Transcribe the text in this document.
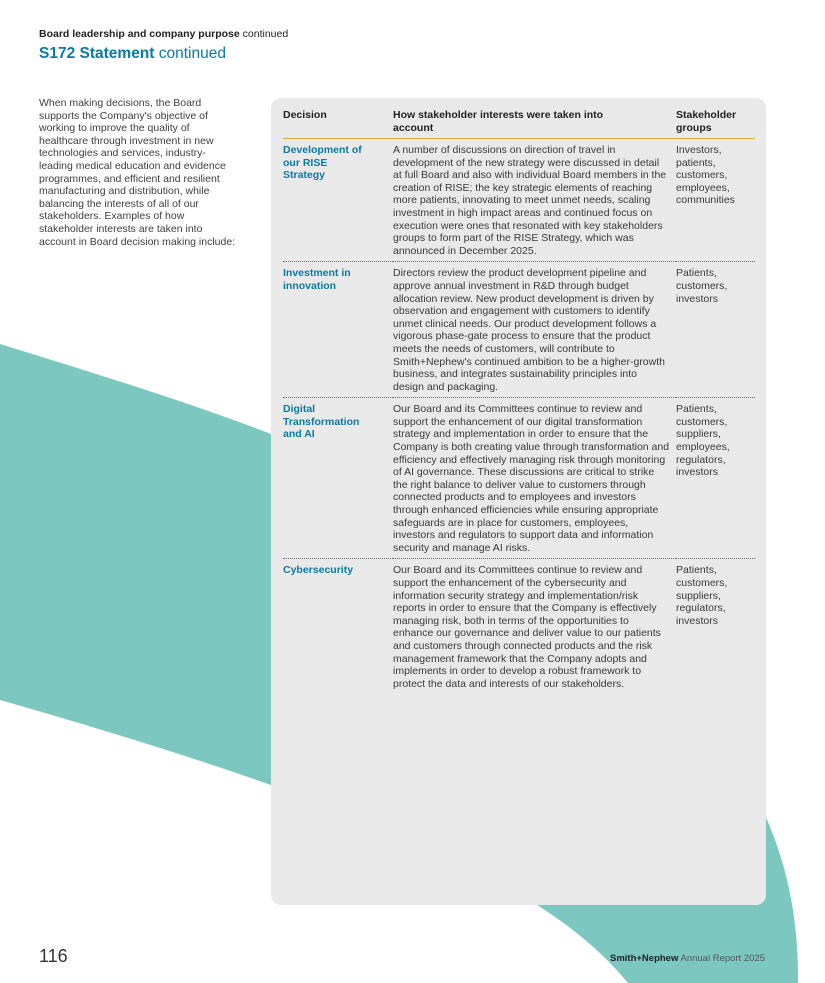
Board leadership and company purpose continued
S172 Statement continued
When making decisions, the Board supports the Company's objective of working to improve the quality of healthcare through investment in new technologies and services, industry-leading medical education and evidence programmes, and efficient and resilient manufacturing and distribution, while balancing the interests of all of our stakeholders. Examples of how stakeholder interests are taken into account in Board decision making include:
Decision	How stakeholder interests were taken into account	Stakeholder groups

Development of our RISE Strategy	A number of discussions on direction of travel in development of the new strategy were discussed in detail at full Board and also with individual Board members in the creation of RISE; the key strategic elements of reaching more patients, innovating to meet unmet needs, scaling investment in high impact areas and continued focus on execution were ones that resonated with key stakeholders groups to form part of the RISE Strategy, which was announced in December 2025.	Investors, patients, customers, employees, communities

Investment in innovation	Directors review the product development pipeline and approve annual investment in R&D through budget allocation review. New product development is driven by observation and engagement with customers to identify unmet clinical needs. Our product development follows a vigorous phase-gate process to ensure that the product meets the needs of customers, will contribute to Smith+Nephew's continued ambition to be a higher-growth business, and integrates sustainability principles into design and packaging.	Patients, customers, investors

Digital Transformation and AI	Our Board and its Committees continue to review and support the enhancement of our digital transformation strategy and implementation in order to ensure that the Company is both creating value through transformation and efficiency and effectively managing risk through monitoring of AI governance. These discussions are critical to strike the right balance to deliver value to customers through connected products and to employees and investors through enhanced efficiencies while ensuring appropriate safeguards are in place for customers, employees, investors and regulators to support data and information security and manage AI risks.	Patients, customers, suppliers, employees, regulators, investors

Cybersecurity	Our Board and its Committees continue to review and support the enhancement of the cybersecurity and information security strategy and implementation/risk reports in order to ensure that the Company is effectively managing risk, both in terms of the opportunities to enhance our governance and deliver value to our patients and customers through connected products and the risk management framework that the Company adopts and implements in order to develop a robust framework to protect the data and interests of our stakeholders.	Patients, customers, suppliers, regulators, investors
116	Smith+Nephew Annual Report 2025
